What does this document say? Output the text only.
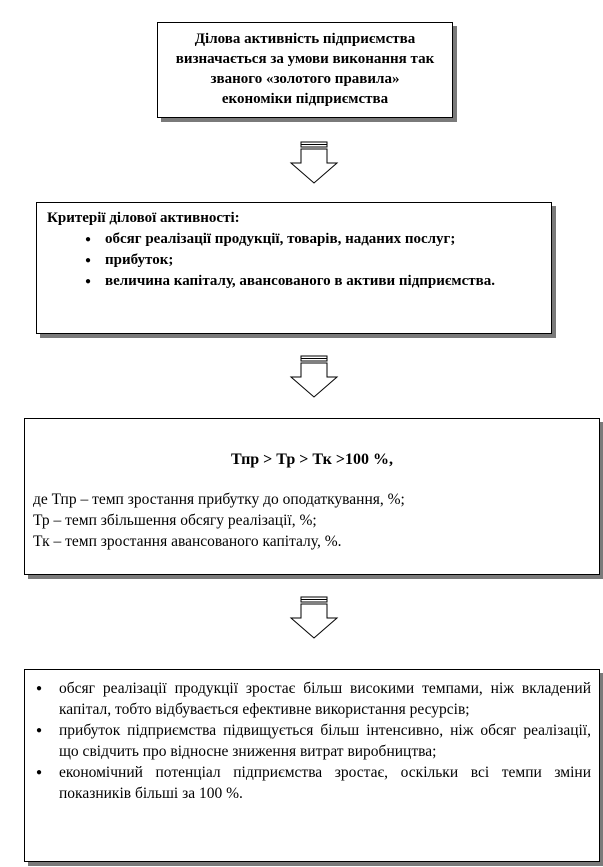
Ділова активність підприємства
визначається за умови виконання так
званого «золотого правила»
економіки підприємства

Критерії ділової активності:

● обсяг реалізації продукції, товарів, наданих послуг;
● прибуток;
● величина капіталу, авансованого в активи підприємства.
Тпр > Тр > Тк >100 %,

де Тпр – темп зростання прибутку до оподаткування, %;

Тр – темп збільшення обсягу реалізації, %;

Тк – темп зростання авансованого капіталу, %.

● обсяг реалізації продукції зростає більш високими темпами, ніж вкладений капітал, тобто відбувається ефективне використання ресурсів;
● прибуток підприємства підвищується більш інтенсивно, ніж обсяг реалізації, що свідчить про відносне зниження витрат виробництва;
● економічний потенціал підприємства зростає, оскільки всі темпи зміни показників більші за 100 %.
